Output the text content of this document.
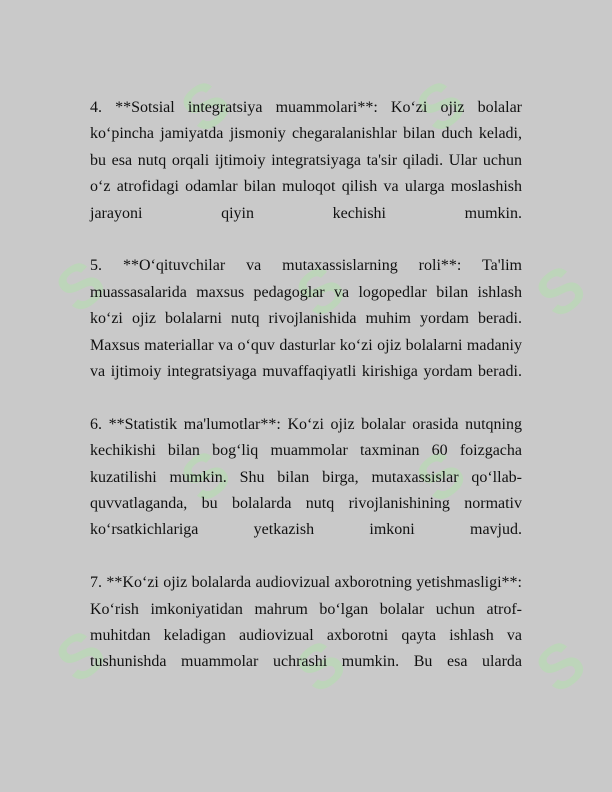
S	S
S	S	S
S	S
S	S	S

4. **Sotsial integratsiya muammolari**: Ko‘zi ojiz bolalar ko‘pincha jamiyatda jismoniy chegaralanishlar bilan duch keladi, bu esa nutq orqali ijtimoiy integratsiyaga ta'sir qiladi. Ular uchun o‘z atrofidagi odamlar bilan muloqot qilish va ularga moslashish jarayoni qiyin kechishi mumkin.

5. **O‘qituvchilar va mutaxassislarning roli**: Ta'lim muassasalarida maxsus pedagoglar va logopedlar bilan ishlash ko‘zi ojiz bolalarni nutq rivojlanishida muhim yordam beradi. Maxsus materiallar va o‘quv dasturlar ko‘zi ojiz bolalarni madaniy va ijtimoiy integratsiyaga muvaffaqiyatli kirishiga yordam beradi.

6. **Statistik ma'lumotlar**: Ko‘zi ojiz bolalar orasida nutqning kechikishi bilan bog‘liq muammolar taxminan 60 foizgacha kuzatilishi mumkin. Shu bilan birga, mutaxassislar qo‘llab-quvvatlaganda, bu bolalarda nutq rivojlanishining normativ ko‘rsatkichlariga yetkazish imkoni mavjud.

7. **Ko‘zi ojiz bolalarda audiovizual axborotning yetishmasligi**: Ko‘rish imkoniyatidan mahrum bo‘lgan bolalar uchun atrof-muhitdan keladigan audiovizual axborotni qayta ishlash va tushunishda muammolar uchrashi mumkin. Bu esa ularda
